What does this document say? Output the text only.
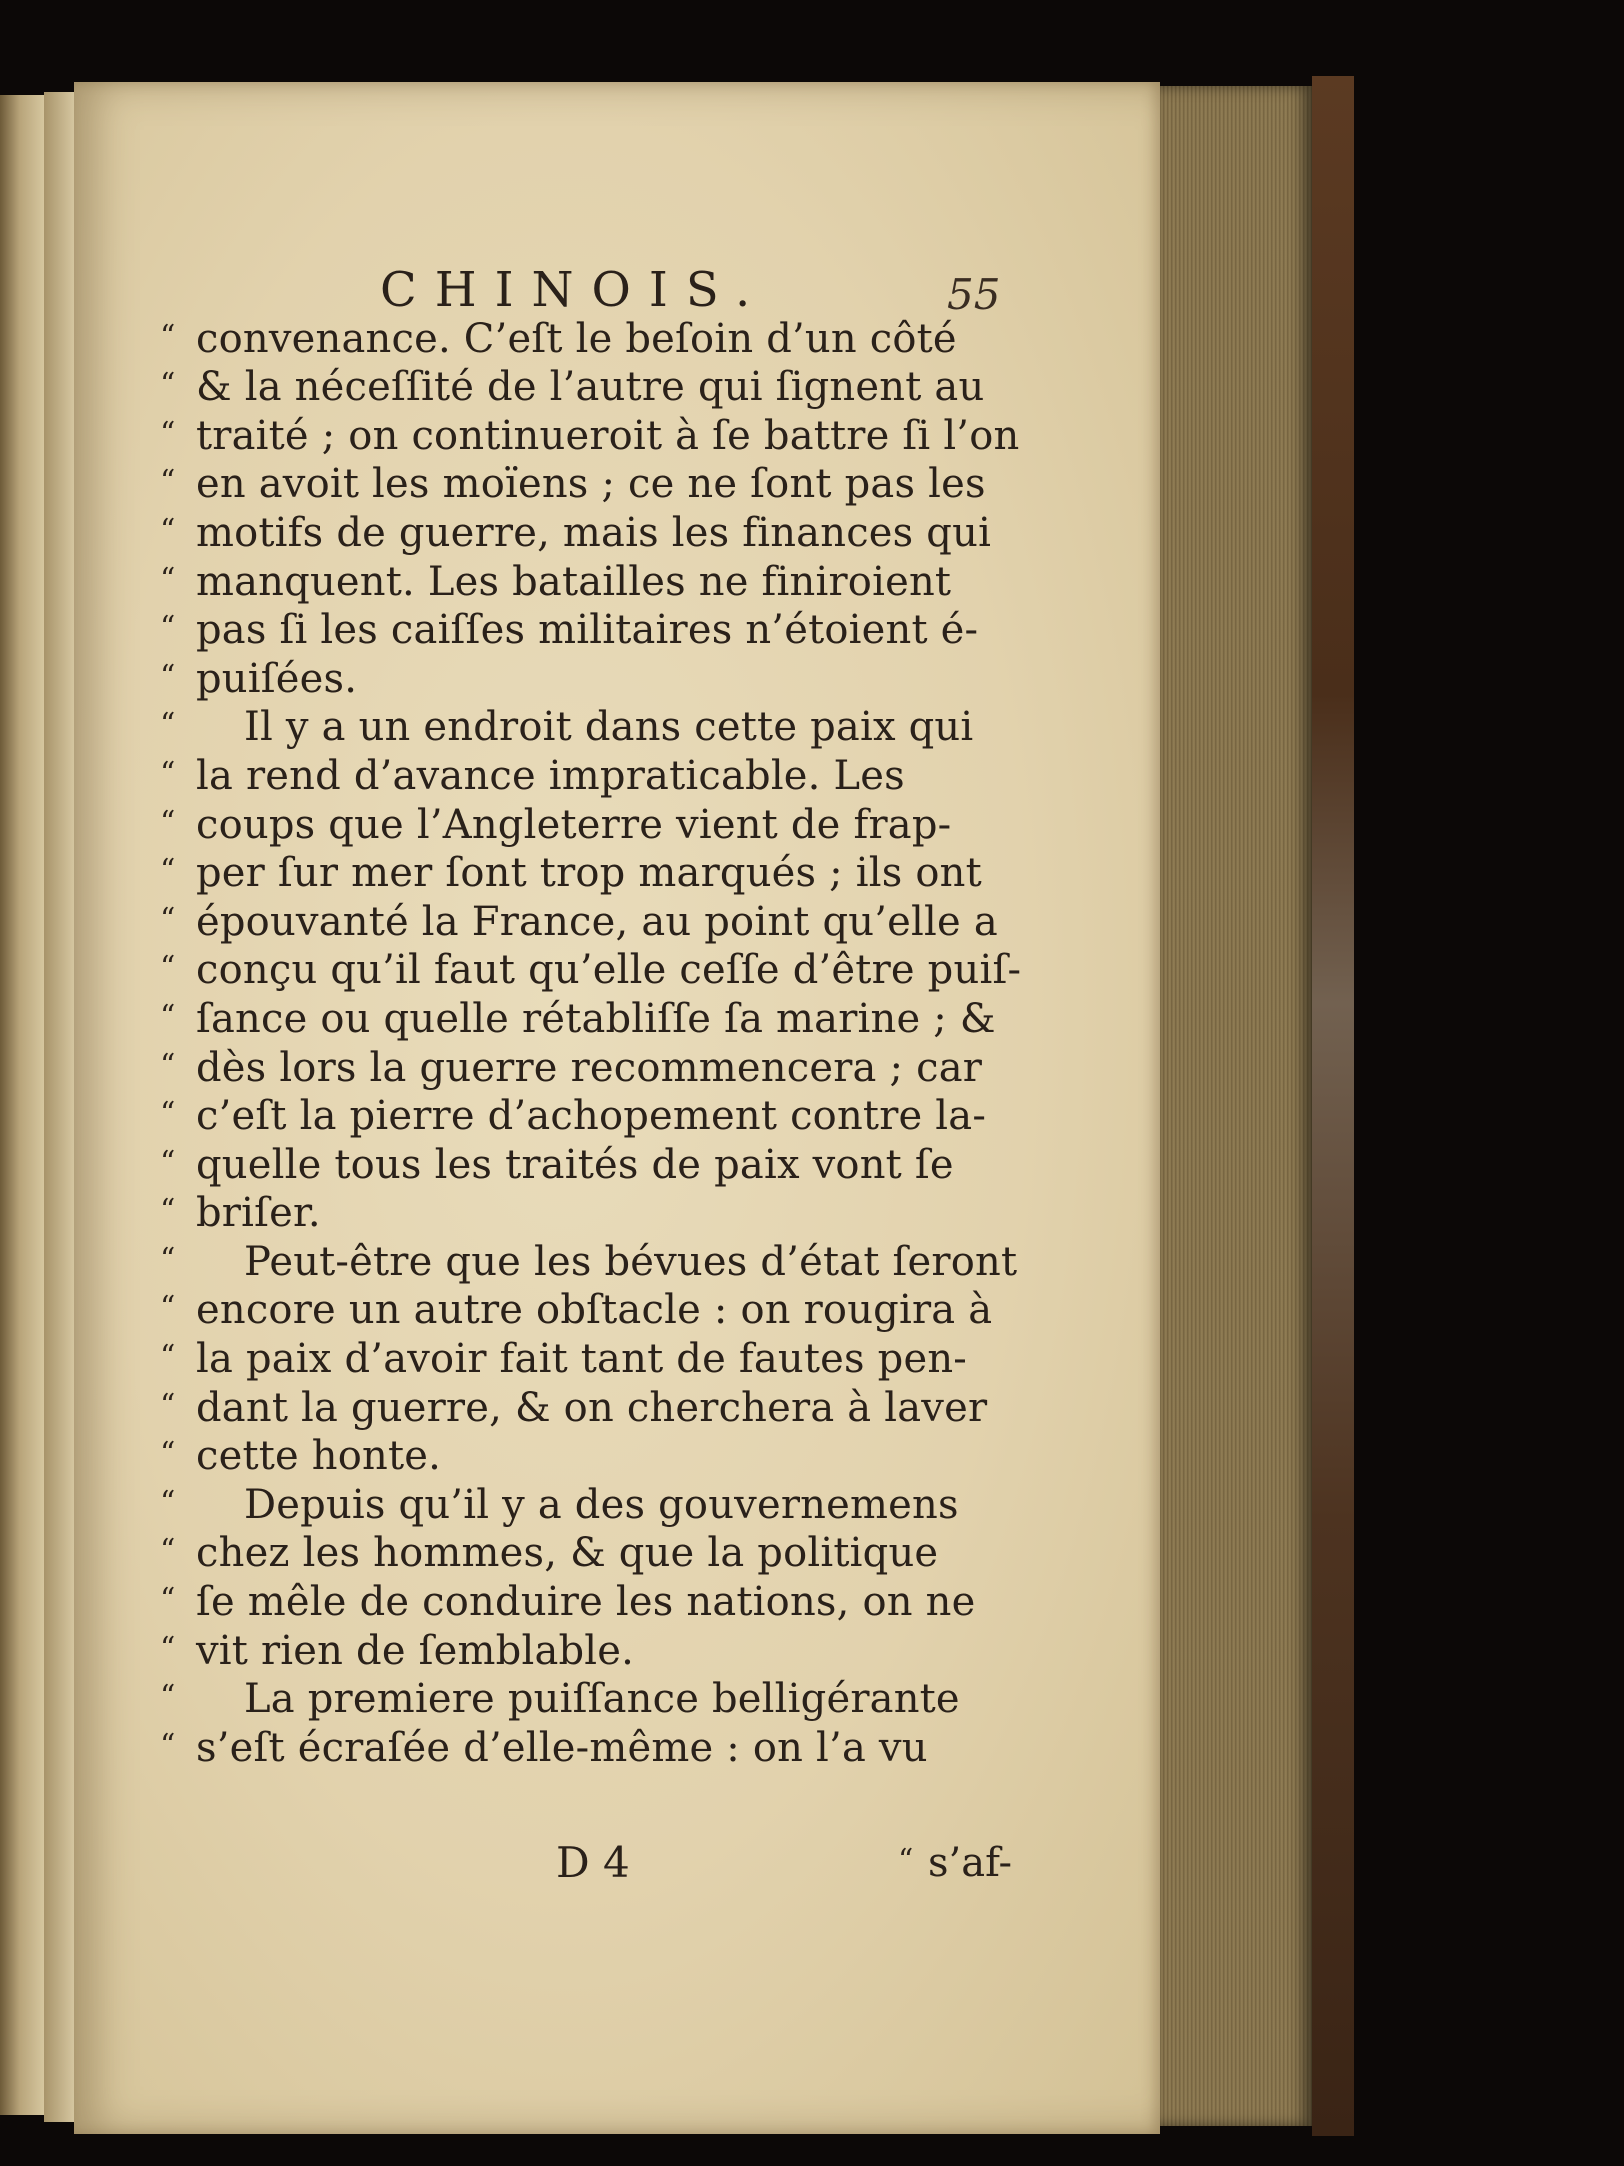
CHINOIS.	55
“ convenance. C’eſt le beſoin d’un côté
“ & la néceſſité de l’autre qui ſignent au
“ traité ; on continueroit à ſe battre ſi l’on
“ en avoit les moïens ; ce ne ſont pas les
“ motifs de guerre, mais les finances qui
“ manquent. Les batailles ne finiroient
“ pas ſi les caiſſes militaires n’étoient é-
“ puiſées.
“ Il y a un endroit dans cette paix qui
“ la rend d’avance impraticable. Les
“ coups que l’Angleterre vient de frap-
“ per ſur mer ſont trop marqués ; ils ont
“ épouvanté la France, au point qu’elle a
“ conçu qu’il faut qu’elle ceſſe d’être puiſ-
“ ſance ou quelle rétabliſſe ſa marine ; &
“ dès lors la guerre recommencera ; car
“ c’eſt la pierre d’achopement contre la-
“ quelle tous les traités de paix vont ſe
“ briſer.
“ Peut-être que les bévues d’état ſeront
“ encore un autre obſtacle : on rougira à
“ la paix d’avoir fait tant de fautes pen-
“ dant la guerre, & on cherchera à laver
“ cette honte.
“ Depuis qu’il y a des gouvernemens
“ chez les hommes, & que la politique
“ ſe mêle de conduire les nations, on ne
“ vit rien de ſemblable.
“ La premiere puiſſance belligérante
“ s’eſt écraſée d’elle-même : on l’a vu
D 4	“ s’af-
